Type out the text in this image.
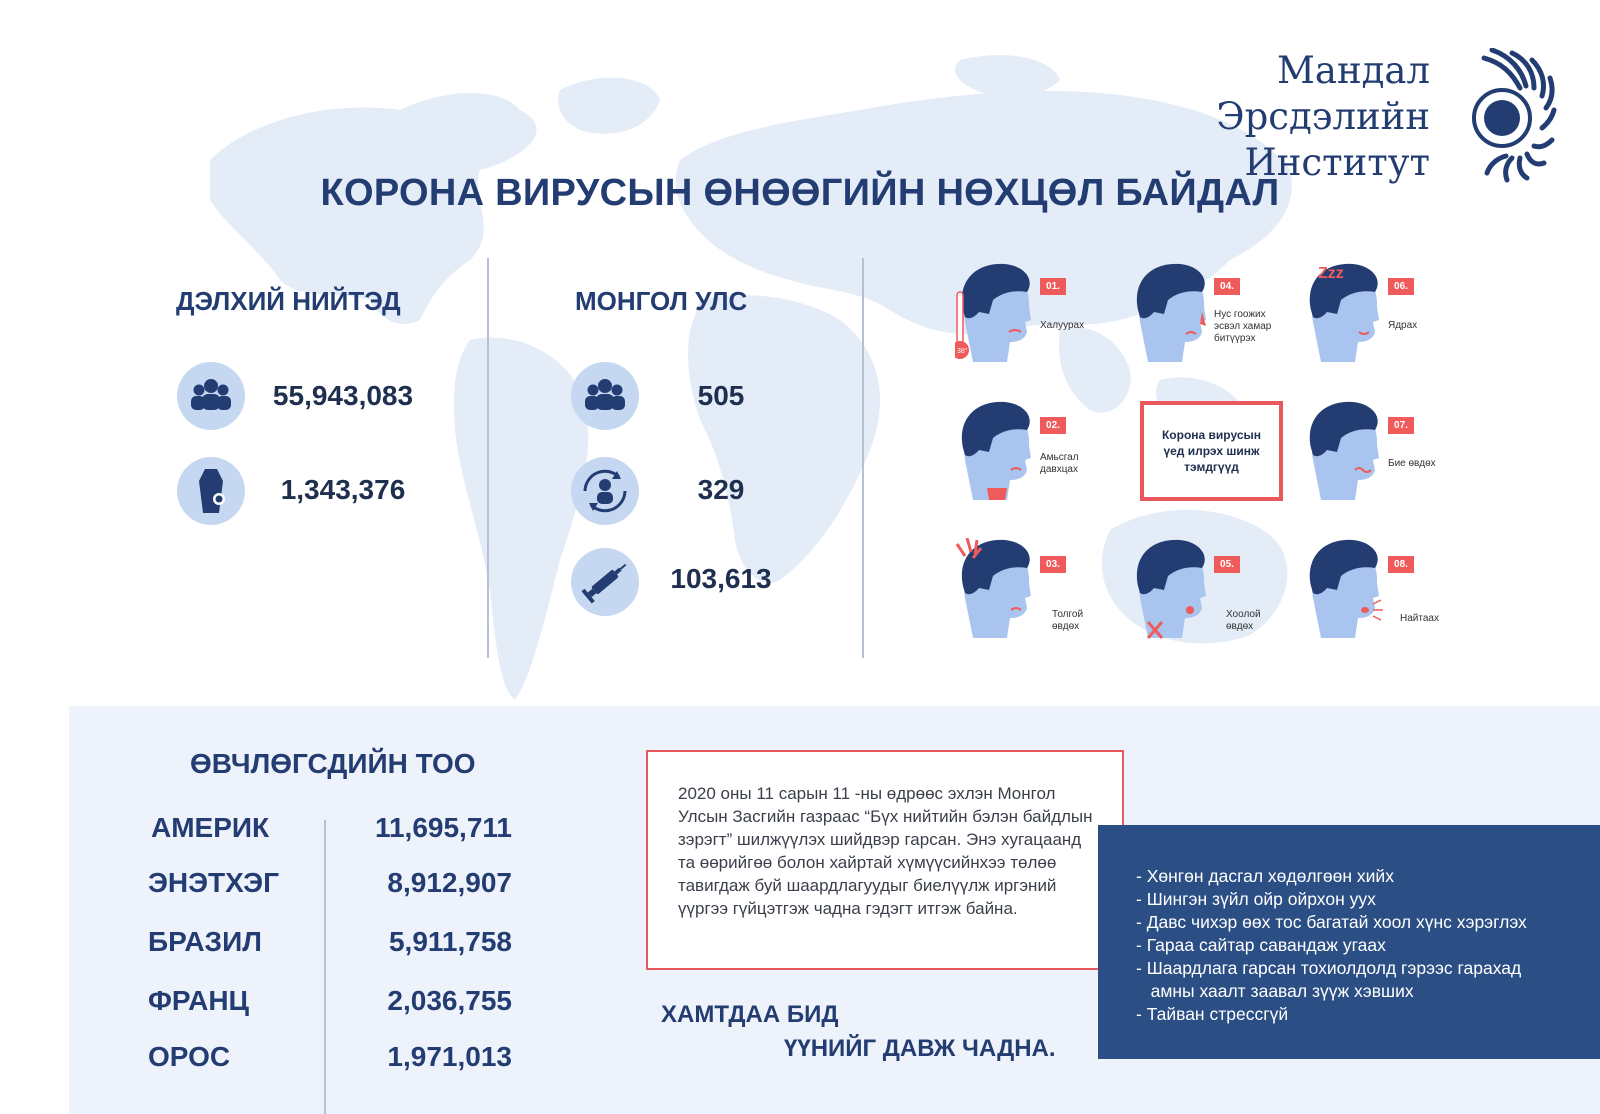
Мандал
Эрсдэлийн
Институт
КОРОНА ВИРУСЫН ӨНӨӨГИЙН НӨХЦӨЛ БАЙДАЛ
ДЭЛХИЙ НИЙТЭД
55,943,083
1,343,376
МОНГОЛ УЛС
505
329
103,613
01.
Халуурах
38°
04.
Нус гоожих эсвэл хамар битүүрэх
Zzz
06.
Ядрах
02.
Амьсгал давхцах
Корона вирусын үед илрэх шинж тэмдгүүд
07.
Бие өвдөх
03.
Толгой өвдөх
05.
Хоолой өвдөх
08.
Найтаах
ӨВЧЛӨГСДИЙН ТОО
АМЕРИК	11,695,711
ЭНЭТХЭГ	8,912,907
БРАЗИЛ	5,911,758
ФРАНЦ	2,036,755
ОРОС	1,971,013
2020 оны 11 сарын 11 -ны өдрөөс эхлэн Монгол Улсын Засгийн газраас “Бүх нийтийн бэлэн байдлын зэрэгт” шилжүүлэх шийдвэр гарсан. Энэ хугацаанд та өөрийгөө болон хайртай хүмүүсийнхээ төлөө тавигдаж буй шаардлагуудыг биелүүлж иргэний үүргээ гүйцэтгэж чадна гэдэгт итгэж байна.
- Хөнгөн дасгал хөдөлгөөн хийх
- Шингэн зүйл ойр ойрхон уух
- Давс чихэр өөх тос багатай хоол хүнс хэрэглэх
- Гараа сайтар савандаж угаах
- Шаардлага гарсан тохиолдолд гэрээс гарахад
амны хаалт заавал зүүж хэвших
- Тайван стрессгүй
ХАМТДАА БИД
ҮҮНИЙГ ДАВЖ ЧАДНА.
